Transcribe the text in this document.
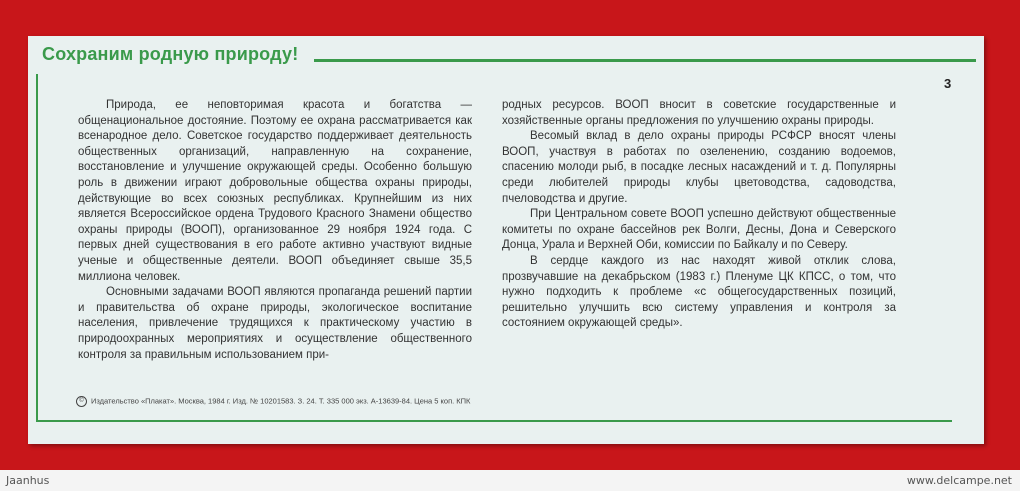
Сохраним родную природу!
3

Природа, ее неповторимая красота и богатства — общенациональное достояние. Поэтому ее охрана рассматривается как всенародное дело. Советское государство поддерживает деятельность общественных организаций, направленную на сохранение, восстановление и улучшение окружающей среды. Особенно большую роль в движении играют добровольные общества охраны природы, действующие во всех союзных республиках. Крупнейшим из них является Всероссийское ордена Трудового Красного Знамени общество охраны природы (ВООП), организованное 29 ноября 1924 года. С первых дней существования в его работе активно участвуют видные ученые и общественные деятели. ВООП объединяет свыше 35,5 миллиона человек.

Основными задачами ВООП являются пропаганда решений партии и правительства об охране природы, экологическое воспитание населения, привлечение трудящихся к практическому участию в природоохранных мероприятиях и осуществление общественного контроля за правильным использованием при-

родных ресурсов. ВООП вносит в советские государственные и хозяйственные органы предложения по улучшению охраны природы.

Весомый вклад в дело охраны природы РСФСР вносят члены ВООП, участвуя в работах по озеленению, созданию водоемов, спасению молоди рыб, в посадке лесных насаждений и т. д. Популярны среди любителей природы клубы цветоводства, садоводства, пчеловодства и другие.

При Центральном совете ВООП успешно действуют общественные комитеты по охране бассейнов рек Волги, Десны, Дона и Северского Донца, Урала и Верхней Оби, комиссии по Байкалу и по Северу.

В сердце каждого из нас находят живой отклик слова, прозвучавшие на декабрьском (1983 г.) Пленуме ЦК КПСС, о том, что нужно подходить к проблеме «с общегосударственных позиций, решительно улучшить всю систему управления и контроля за состоянием окружающей среды».

© Издательство «Плакат». Москва, 1984 г. Изд. № 10201583. З. 24. Т. 335 000 экз. А-13639-84. Цена 5 коп. КПК
Jaanhus	www.delcampe.net
